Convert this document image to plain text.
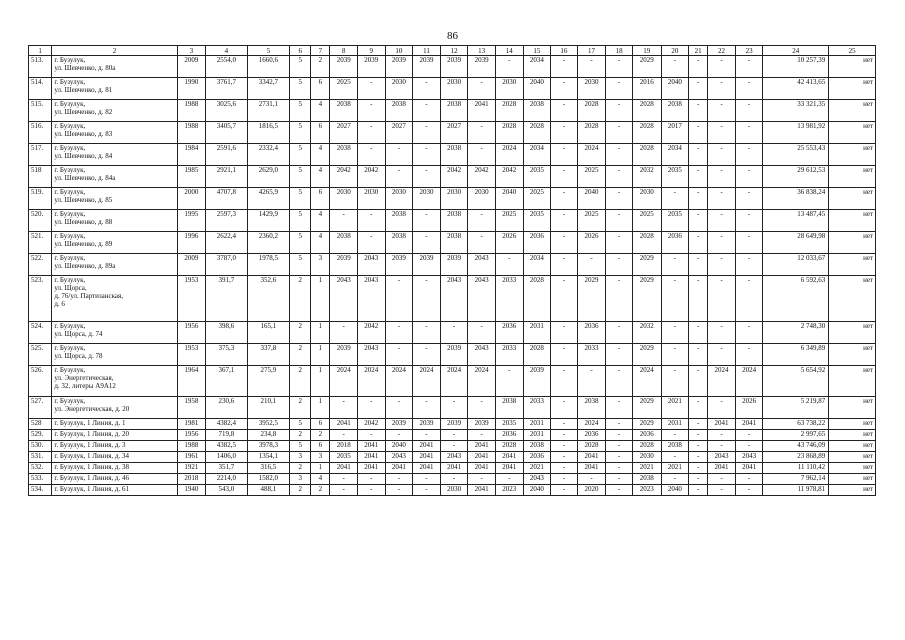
86
1	2	3	4	5	6	7	8	9	10	11	12	13	14	15	16	17	18	19	20	21	22	23	24	25
513.	г. Бузулук,
ул. Шевченко, д. 80а	2009	2554,0	1660,6	5	2	2039	2039	2039	2039	2039	2039	-	2034	-	-	-	2029	-	-	-	-	10 257,39	нет
514.	г. Бузулук,
ул. Шевченко, д. 81	1990	3761,7	3342,7	5	6	2025	-	2030	-	2030	-	2030	2040	-	2030	-	2016	2040	-	-	-	42 413,65	нет
515.	г. Бузулук,
ул. Шевченко, д. 82	1988	3025,6	2731,1	5	4	2038	-	2038	-	2038	2041	2028	2038	-	2028	-	2028	2038	-	-	-	33 321,35	нет
516.	г. Бузулук,
ул. Шевченко, д. 83	1988	3405,7	1816,5	5	6	2027	-	2027	-	2027	-	2028	2028	-	2028	-	2028	2017	-	-	-	13 981,92	нет
517.	г. Бузулук,
ул. Шевченко, д. 84	1984	2591,6	2332,4	5	4	2038	-	-	-	2038	-	2024	2034	-	2024	-	2028	2034	-	-	-	25 553,43	нет
518	г. Бузулук,
ул. Шевченко, д. 84а	1985	2921,1	2629,0	5	4	2042	2042	-	-	2042	2042	2042	2035	-	2025	-	2032	2035	-	-	-	29 612,53	нет
519.	г. Бузулук,
ул. Шевченко, д. 85	2000	4707,8	4265,9	5	6	2030	2030	2030	2030	2030	2030	2040	2025	-	2040	-	2030	-	-	-	-	36 838,24	нет
520.	г. Бузулук,
ул. Шевченко, д. 88	1995	2597,3	1429,9	5	4	-	-	2038	-	2038	-	2025	2035	-	2025	-	2025	2035	-	-	-	13 487,45	нет
521.	г. Бузулук,
ул. Шевченко, д. 89	1996	2622,4	2360,2	5	4	2038	-	2038	-	2038	-	2026	2036	-	2026	-	2028	2036	-	-	-	28 649,98	нет
522.	г. Бузулук,
ул. Шевченко, д. 89а	2009	3787,0	1978,5	5	3	2039	2043	2039	2039	2039	2043	-	2034	-	-	-	2029	-	-	-	-	12 033,67	нет
523.	г. Бузулук,
ул. Щорса,
д. 76/ул. Партизанская,
д. 6	1953	391,7	352,6	2	1	2043	2043	-	-	2043	2043	2033	2028	-	2029	-	2029	-	-	-	-	6 592,63	нет
524.	г. Бузулук,
ул. Щорса, д. 74	1956	398,6	165,1	2	1	-	2042	-	-	-	-	2036	2031	-	2036	-	2032	-	-	-	-	2 748,30	нет
525.	г. Бузулук,
ул. Щорса, д. 78	1953	375,3	337,8	2	1	2039	2043	-	-	2039	2043	2033	2028	-	2033	-	2029	-	-	-	-	6 349,89	нет
526.	г. Бузулук,
ул. Энергетическая,
д. 32, литеры А9А12	1964	367,1	275,9	2	1	2024	2024	2024	2024	2024	2024	-	2039	-	-	-	2024	-	-	2024	2024	5 654,92	нет
527.	г. Бузулук,
ул. Энергетическая, д. 20	1958	230,6	210,1	2	1	-	-	-	-	-	-	2038	2033	-	2038	-	2029	2021	-	-	2026	5 219,87	нет
528	г. Бузулук, 1 Линия, д. 1	1981	4382,4	3952,5	5	6	2041	2042	2039	2039	2039	2039	2035	2031	-	2024	-	2029	2031	-	2041	2041	63 738,22	нет
529.	г. Бузулук, 1 Линия, д. 20	1956	719,8	234,8	2	2	-	-	-	-	-	-	2036	2031	-	2036	-	2036	-	-	-	-	2 997,65	нет
530.	г. Бузулук, 1 Линия, д. 3	1988	4382,5	3978,3	5	6	2018	2041	2040	2041	-	2041	2028	2038	-	2028	-	2028	2038	-	-	-	43 746,09	нет
531.	г. Бузулук, 1 Линия, д. 34	1961	1406,0	1354,1	3	3	2035	2041	2043	2041	2043	2041	2041	2036	-	2041	-	2030	-	-	2043	2043	23 868,89	нет
532.	г. Бузулук, 1 Линия, д. 38	1921	351,7	316,5	2	1	2041	2041	2041	2041	2041	2041	2041	2021	-	2041	-	2021	2021	-	2041	2041	11 110,42	нет
533.	г. Бузулук, 1 Линия, д. 46	2018	2214,0	1582,0	3	4	-	-	-	-	-	-	-	2043	-	-	-	2038	-	-	-	-	7 962,14	нет
534.	г. Бузулук, 1 Линия, д. 61	1940	543,0	488,1	2	2	-	-	-	-	2030	2041	2023	2040	-	2020	-	2023	2040	-	-	-	11 978,81	нет
